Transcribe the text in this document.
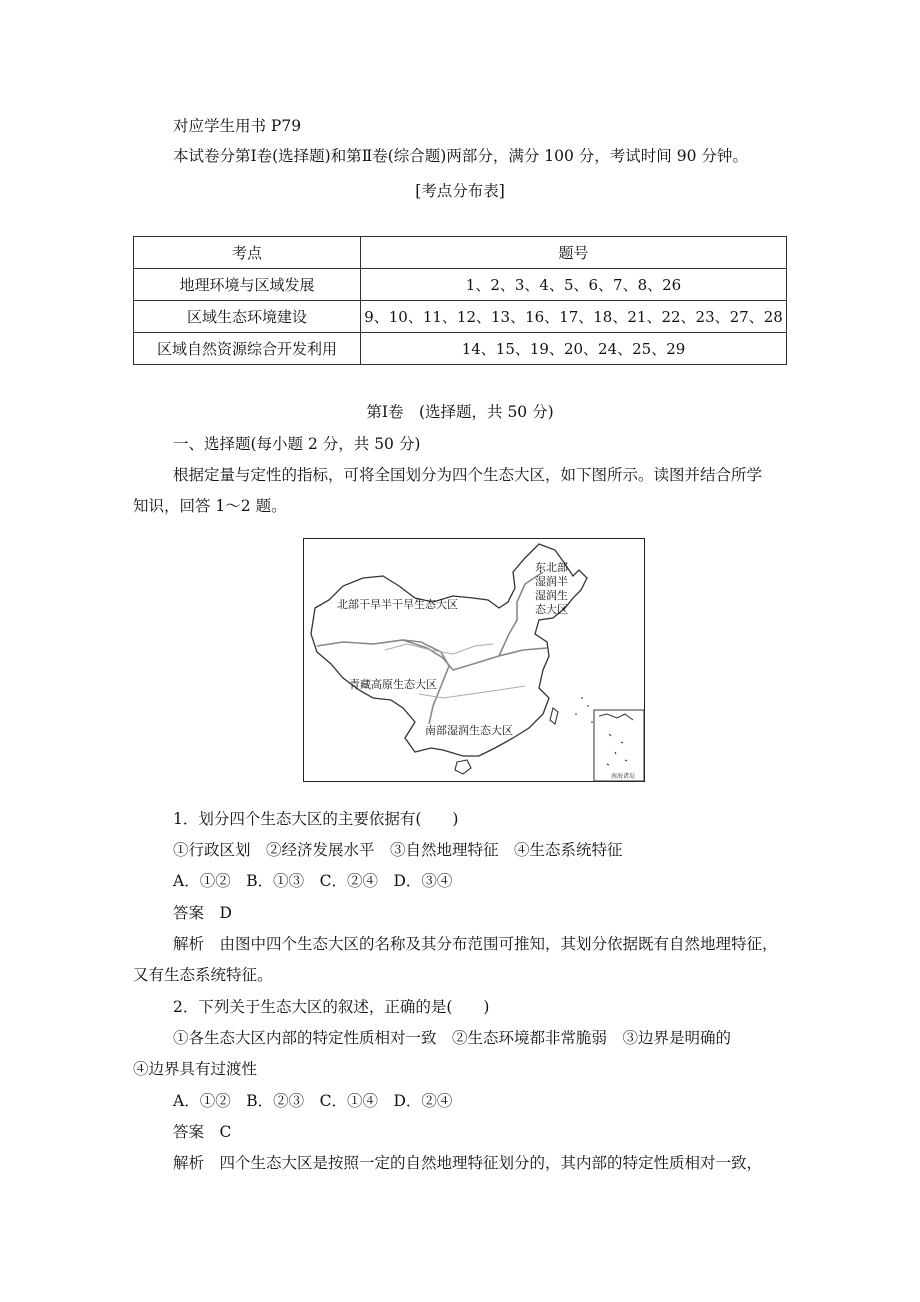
对应学生用书 P79
本试卷分第Ⅰ卷(选择题)和第Ⅱ卷(综合题)两部分，满分 100 分，考试时间 90 分钟。
[考点分布表]
考点	题号
地理环境与区域发展	1、2、3、4、5、6、7、8、26
区域生态环境建设	9、10、11、12、13、16、17、18、21、22、23、27、28
区域自然资源综合开发利用	14、15、19、20、24、25、29
第Ⅰ卷　(选择题，共 50 分)
一、选择题(每小题 2 分，共 50 分)
根据定量与定性的指标，可将全国划分为四个生态大区，如下图所示。读图并结合所学
知识，回答 1～2 题。
南海诸岛
北部干旱半干旱生态大区
东北部
湿润半
湿润生
态大区
青藏高原生态大区
南部湿润生态大区
1．划分四个生态大区的主要依据有(　　)
①行政区划　②经济发展水平　③自然地理特征　④生态系统特征
A．①②　B．①③　C．②④　D．③④
答案　D
解析　由图中四个生态大区的名称及其分布范围可推知，其划分依据既有自然地理特征，
又有生态系统特征。
2．下列关于生态大区的叙述，正确的是(　　)
①各生态大区内部的特定性质相对一致　②生态环境都非常脆弱　③边界是明确的
④边界具有过渡性
A．①②　B．②③　C．①④　D．②④
答案　C
解析　四个生态大区是按照一定的自然地理特征划分的，其内部的特定性质相对一致，
